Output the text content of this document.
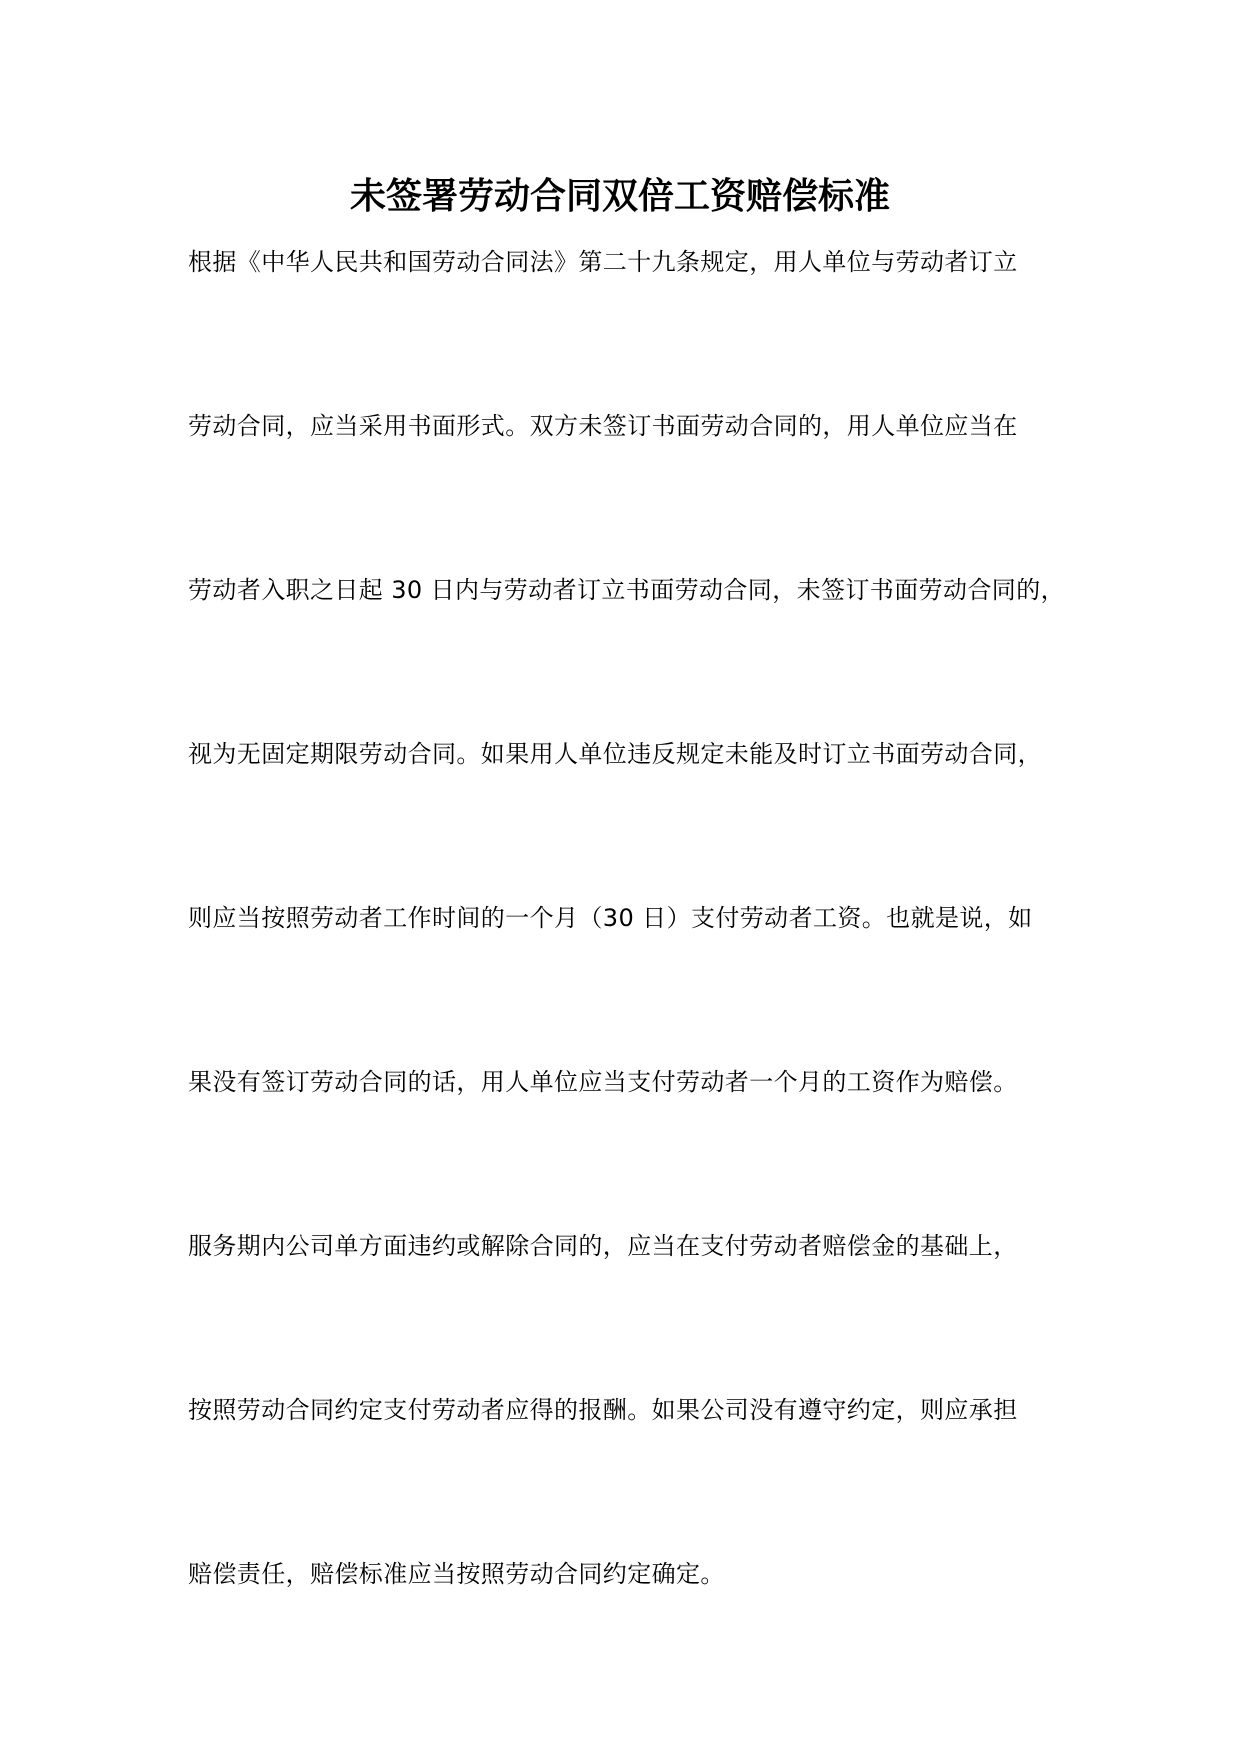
未签署劳动合同双倍工资赔偿标准
根据《中华人民共和国劳动合同法》第二十九条规定，用人单位与劳动者订立
劳动合同，应当采用书面形式。双方未签订书面劳动合同的，用人单位应当在
劳动者入职之日起 30 日内与劳动者订立书面劳动合同，未签订书面劳动合同的，
视为无固定期限劳动合同。如果用人单位违反规定未能及时订立书面劳动合同，
则应当按照劳动者工作时间的一个月（30 日）支付劳动者工资。也就是说，如
果没有签订劳动合同的话，用人单位应当支付劳动者一个月的工资作为赔偿。
服务期内公司单方面违约或解除合同的，应当在支付劳动者赔偿金的基础上，
按照劳动合同约定支付劳动者应得的报酬。如果公司没有遵守约定，则应承担
赔偿责任，赔偿标准应当按照劳动合同约定确定。
